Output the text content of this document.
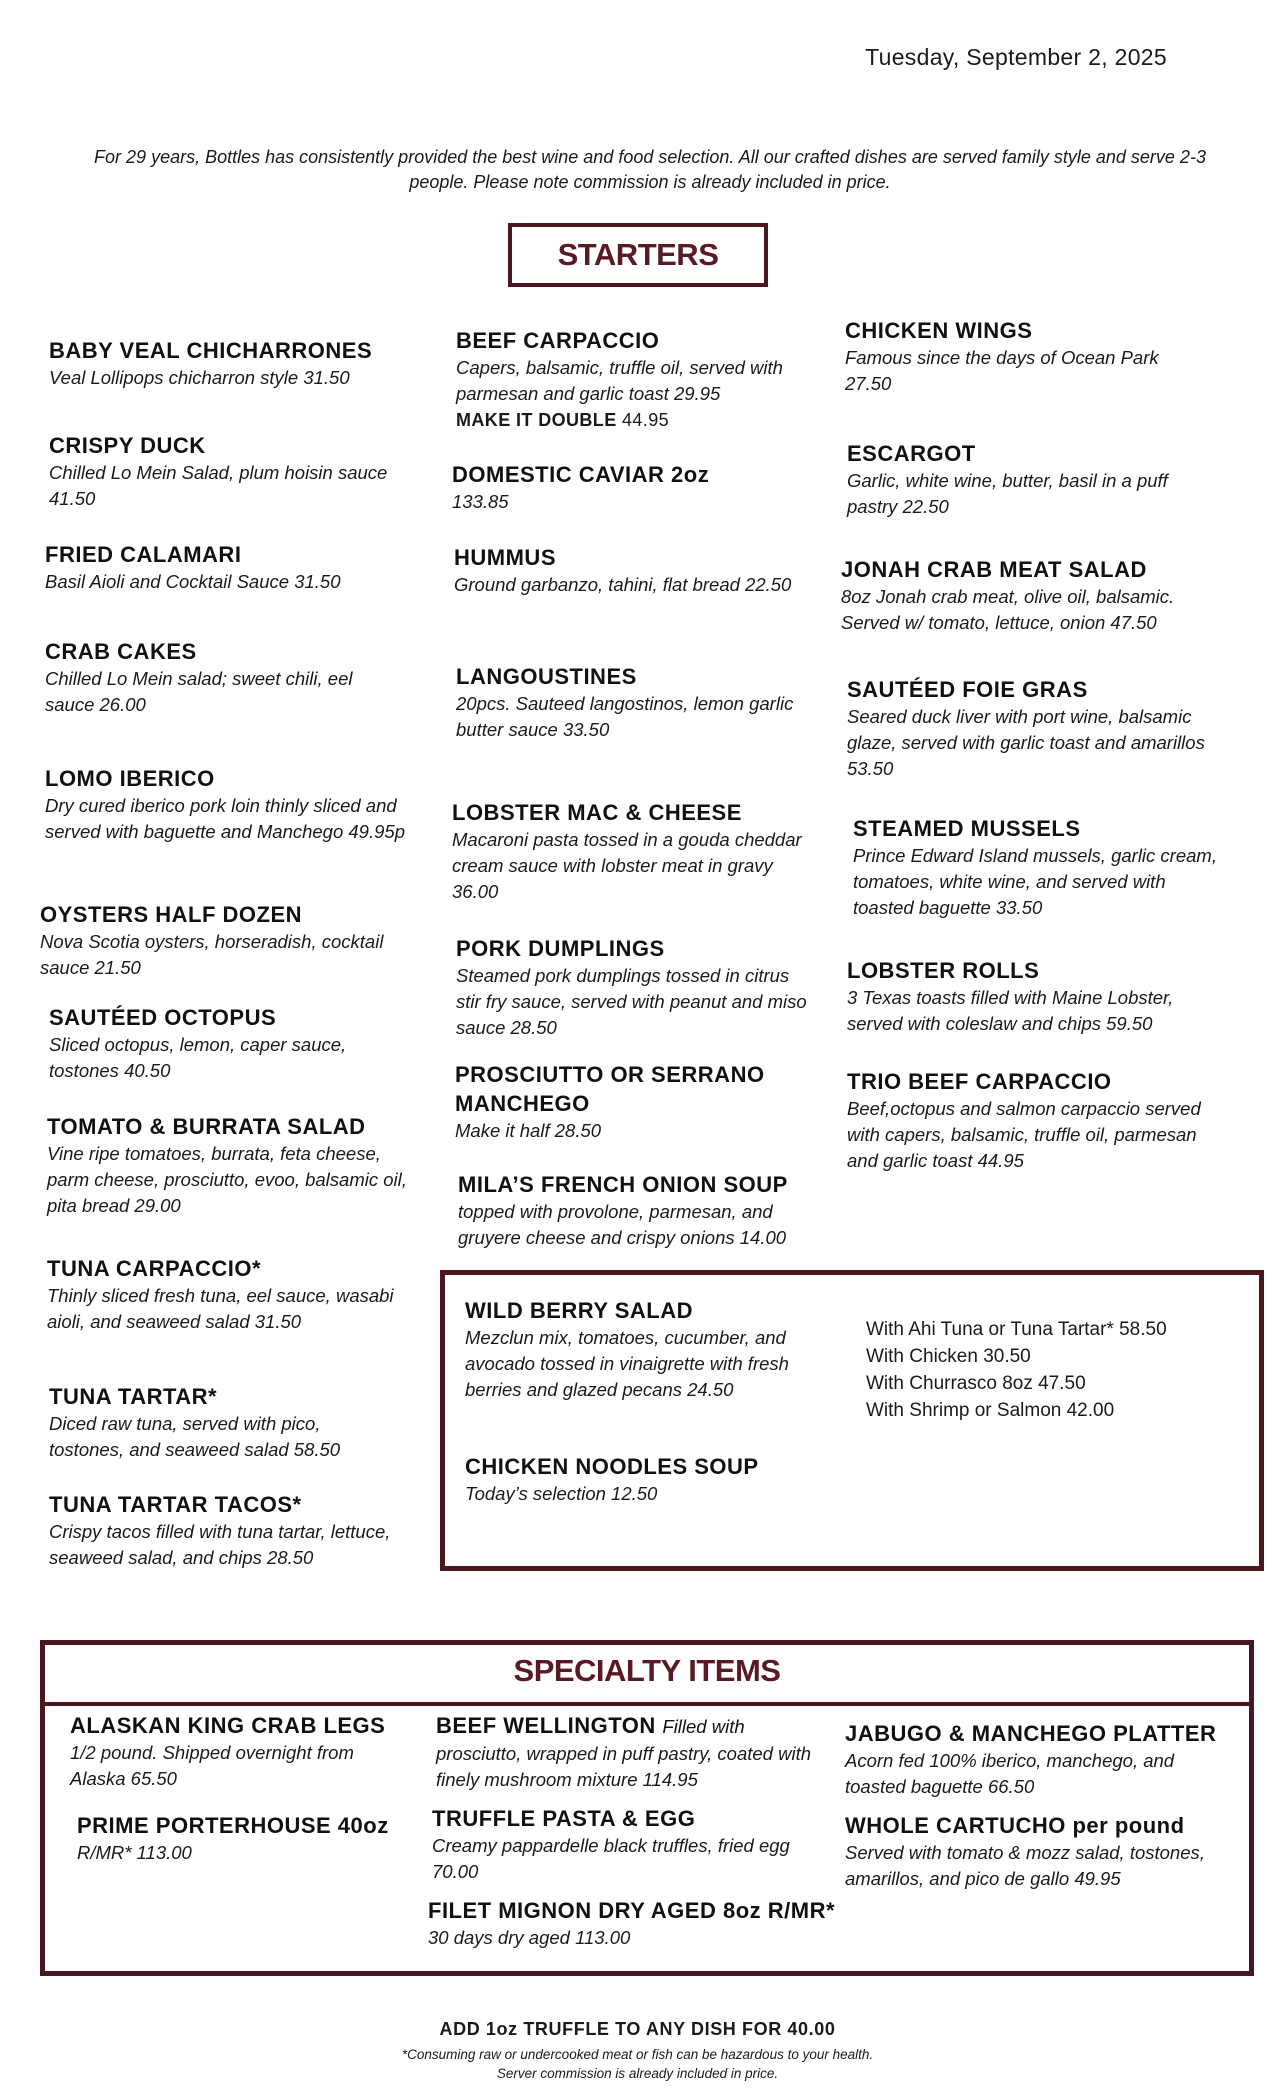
Tuesday, September 2, 2025
For 29 years, Bottles has consistently provided the best wine and food selection. All our crafted dishes are served family style and serve 2-3 people. Please note commission is already included in price.
STARTERS
BABY VEAL CHICHARRONES
Veal Lollipops chicharron style 31.50
CRISPY DUCK
Chilled Lo Mein Salad, plum hoisin sauce 41.50
FRIED CALAMARI
Basil Aioli and Cocktail Sauce 31.50
CRAB CAKES
Chilled Lo Mein salad; sweet chili, eel sauce 26.00
LOMO IBERICO
Dry cured iberico pork loin thinly sliced and served with baguette and Manchego 49.95p
OYSTERS HALF DOZEN
Nova Scotia oysters, horseradish, cocktail sauce 21.50
SAUTÉED OCTOPUS
Sliced octopus, lemon, caper sauce, tostones 40.50
TOMATO & BURRATA SALAD
Vine ripe tomatoes, burrata, feta cheese, parm cheese, prosciutto, evoo, balsamic oil, pita bread 29.00
TUNA CARPACCIO*
Thinly sliced fresh tuna, eel sauce, wasabi aioli, and seaweed salad 31.50
TUNA TARTAR*
Diced raw tuna, served with pico, tostones, and seaweed salad 58.50
TUNA TARTAR TACOS*
Crispy tacos filled with tuna tartar, lettuce, seaweed salad, and chips 28.50
BEEF CARPACCIO
Capers, balsamic, truffle oil, served with parmesan and garlic toast 29.95
MAKE IT DOUBLE 44.95
DOMESTIC CAVIAR 2oz
133.85
HUMMUS
Ground garbanzo, tahini, flat bread 22.50
LANGOUSTINES
20pcs. Sauteed langostinos, lemon garlic butter sauce 33.50
LOBSTER MAC & CHEESE
Macaroni pasta tossed in a gouda cheddar cream sauce with lobster meat in gravy 36.00
PORK DUMPLINGS
Steamed pork dumplings tossed in citrus stir fry sauce, served with peanut and miso sauce 28.50
PROSCIUTTO OR SERRANO
MANCHEGO
Make it half 28.50
MILA’S FRENCH ONION SOUP
topped with provolone, parmesan, and gruyere cheese and crispy onions 14.00
CHICKEN WINGS
Famous since the days of Ocean Park 27.50
ESCARGOT
Garlic, white wine, butter, basil in a puff pastry 22.50
JONAH CRAB MEAT SALAD
8oz Jonah crab meat, olive oil, balsamic. Served w/ tomato, lettuce, onion 47.50
SAUTÉED FOIE GRAS
Seared duck liver with port wine, balsamic glaze, served with garlic toast and amarillos 53.50
STEAMED MUSSELS
Prince Edward Island mussels, garlic cream, tomatoes, white wine, and served with toasted baguette 33.50
LOBSTER ROLLS
3 Texas toasts filled with Maine Lobster, served with coleslaw and chips 59.50
TRIO BEEF CARPACCIO
Beef,octopus and salmon carpaccio served with capers, balsamic, truffle oil, parmesan and garlic toast 44.95
WILD BERRY SALAD
Mezclun mix, tomatoes, cucumber, and avocado tossed in vinaigrette with fresh berries and glazed pecans 24.50
CHICKEN NOODLES SOUP
Today’s selection 12.50
With Ahi Tuna or Tuna Tartar* 58.50
With Chicken 30.50
With Churrasco 8oz 47.50
With Shrimp or Salmon 42.00
SPECIALTY ITEMS
ALASKAN KING CRAB LEGS
1/2 pound. Shipped overnight from Alaska 65.50
PRIME PORTERHOUSE 40oz
R/MR* 113.00
BEEF WELLINGTON Filled with
prosciutto, wrapped in puff pastry, coated with finely mushroom mixture 114.95
TRUFFLE PASTA & EGG
Creamy pappardelle black truffles, fried egg 70.00
FILET MIGNON DRY AGED 8oz R/MR*
30 days dry aged 113.00
JABUGO & MANCHEGO PLATTER
Acorn fed 100% iberico, manchego, and toasted baguette 66.50
WHOLE CARTUCHO per pound
Served with tomato & mozz salad, tostones, amarillos, and pico de gallo 49.95
ADD 1oz TRUFFLE TO ANY DISH FOR 40.00
*Consuming raw or undercooked meat or fish can be hazardous to your health.
Server commission is already included in price.
